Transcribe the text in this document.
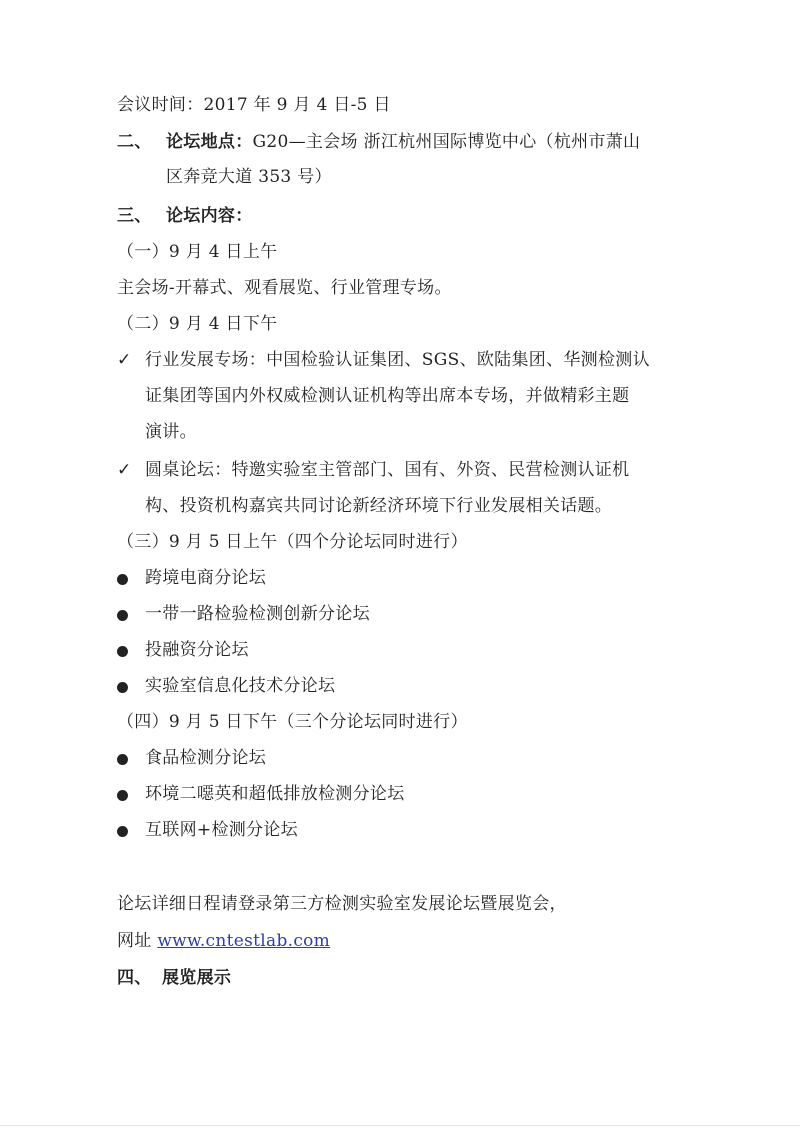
会议时间：2017 年 9 月 4 日-5 日
二、 论坛地点：G20—主会场 浙江杭州国际博览中心（杭州市萧山
区奔竞大道 353 号）
三、 论坛内容：
（一）9 月 4 日上午
主会场-开幕式、观看展览、行业管理专场。
（二）9 月 4 日下午
✓ 行业发展专场：中国检验认证集团、SGS、欧陆集团、华测检测认
证集团等国内外权威检测认证机构等出席本专场，并做精彩主题
演讲。
✓ 圆桌论坛：特邀实验室主管部门、国有、外资、民营检测认证机
构、投资机构嘉宾共同讨论新经济环境下行业发展相关话题。
（三）9 月 5 日上午（四个分论坛同时进行）
跨境电商分论坛
一带一路检验检测创新分论坛
投融资分论坛
实验室信息化技术分论坛
（四）9 月 5 日下午（三个分论坛同时进行）
食品检测分论坛
环境二噁英和超低排放检测分论坛
互联网+检测分论坛
论坛详细日程请登录第三方检测实验室发展论坛暨展览会，
网址 www.cntestlab.com
四、 展览展示
